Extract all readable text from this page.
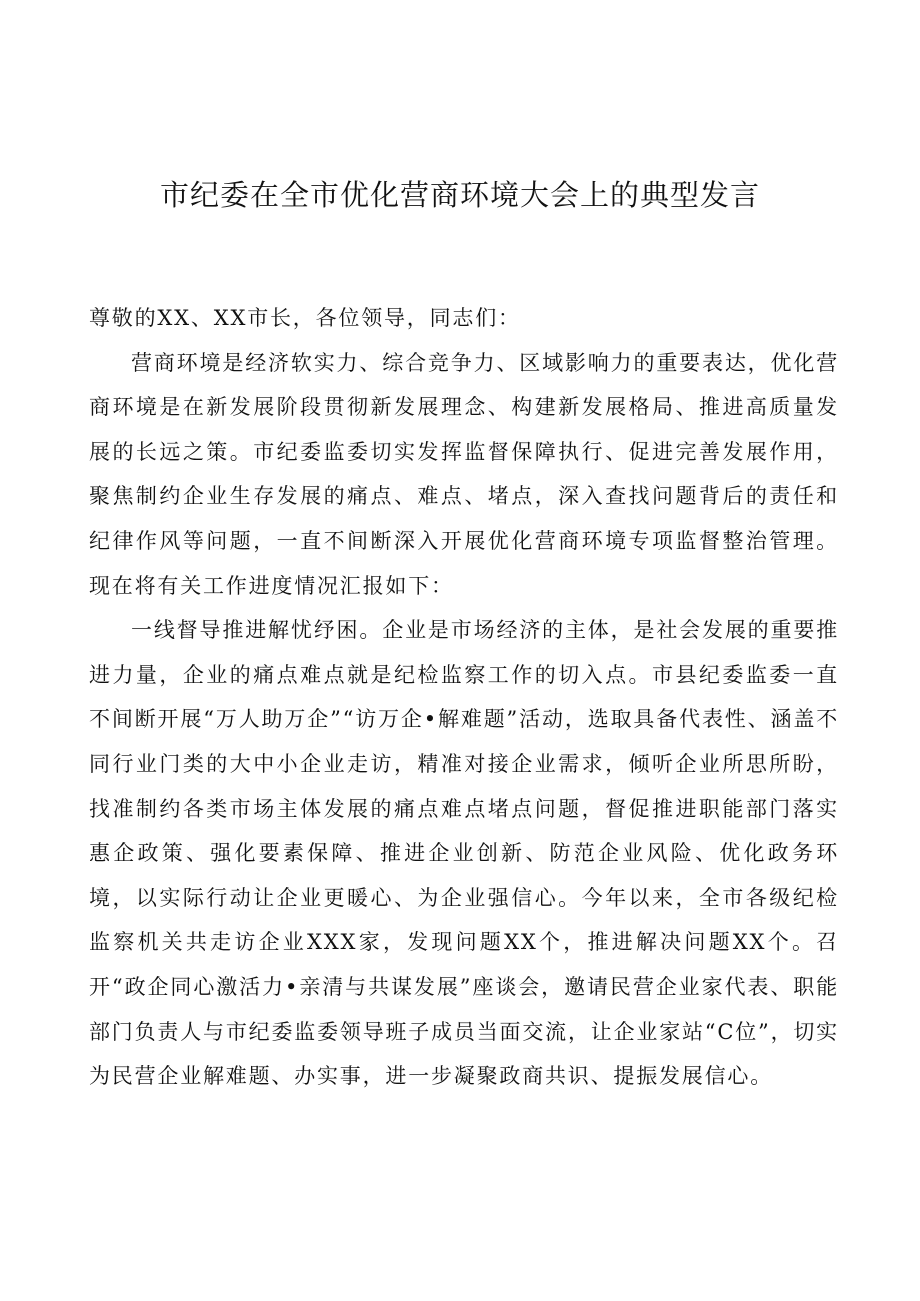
市纪委在全市优化营商环境大会上的典型发言

尊敬的XX、XX市长，各位领导，同志们：

营商环境是经济软实力、综合竞争力、区域影响力的重要表达，优化营商环境是在新发展阶段贯彻新发展理念、构建新发展格局、推进高质量发展的长远之策。市纪委监委切实发挥监督保障执行、促进完善发展作用，聚焦制约企业生存发展的痛点、难点、堵点，深入查找问题背后的责任和纪律作风等问题，一直不间断深入开展优化营商环境专项监督整治管理。现在将有关工作进度情况汇报如下：

一线督导推进解忧纾困。企业是市场经济的主体，是社会发展的重要推进力量，企业的痛点难点就是纪检监察工作的切入点。市县纪委监委一直不间断开展“万人助万企”“访万企•解难题”活动，选取具备代表性、涵盖不同行业门类的大中小企业走访，精准对接企业需求，倾听企业所思所盼，找准制约各类市场主体发展的痛点难点堵点问题，督促推进职能部门落实惠企政策、强化要素保障、推进企业创新、防范企业风险、优化政务环境，以实际行动让企业更暖心、为企业强信心。今年以来，全市各级纪检监察机关共走访企业XXX家，发现问题XX个，推进解决问题XX个。召开“政企同心激活力•亲清与共谋发展”座谈会，邀请民营企业家代表、职能部门负责人与市纪委监委领导班子成员当面交流，让企业家站“C位”，切实为民营企业解难题、办实事，进一步凝聚政商共识、提振发展信心。
